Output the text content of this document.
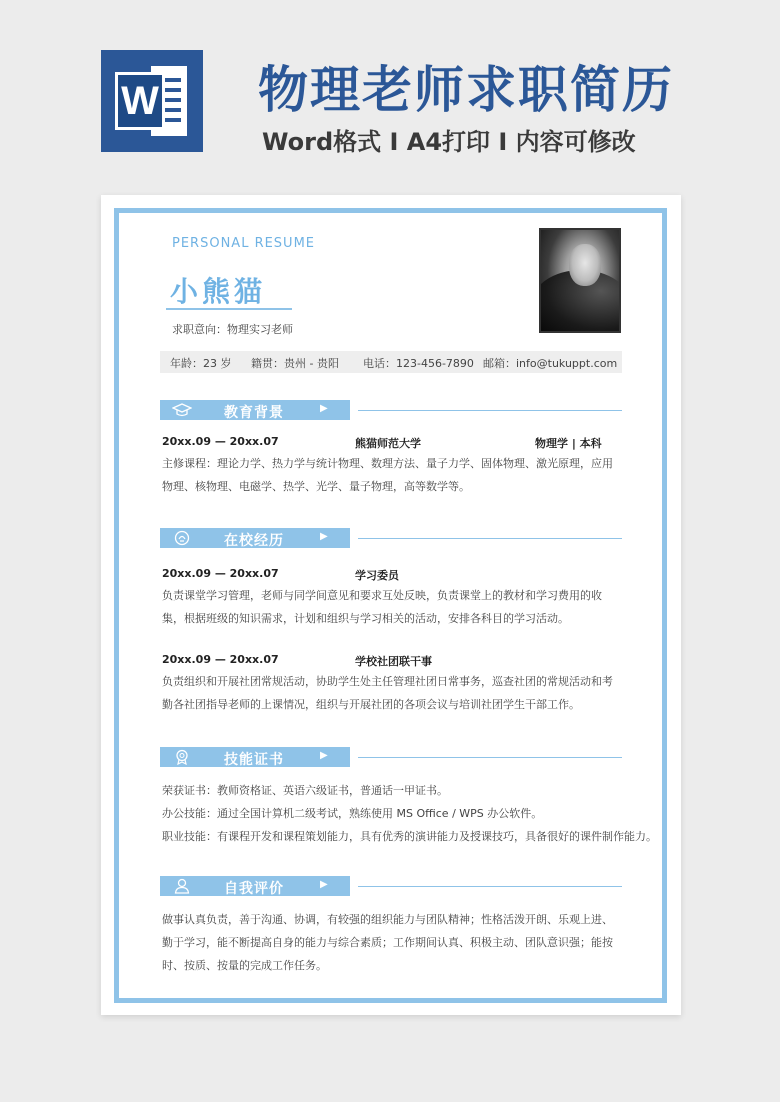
W 物理老师求职简历
Word格式 I A4打印 I 内容可修改
PERSONAL RESUME
小熊猫
求职意向：物理实习老师
年龄：23 岁 籍贯：贵州 - 贵阳 电话：123-456-7890 邮箱：info@tukuppt.com
教育背景	▶
20xx.09 — 20xx.07	熊猫师范大学	物理学 | 本科
主修课程：理论力学、热力学与统计物理、数理方法、量子力学、固体物理、激光原理，应用物理、核物理、电磁学、热学、光学、量子物理，高等数学等。
在校经历	▶
20xx.09 — 20xx.07	学习委员
负责课堂学习管理，老师与同学间意见和要求互处反映，负责课堂上的教材和学习费用的收集，根据班级的知识需求，计划和组织与学习相关的活动，安排各科目的学习活动。
20xx.09 — 20xx.07	学校社团联干事
负责组织和开展社团常规活动，协助学生处主任管理社团日常事务，巡查社团的常规活动和考勤各社团指导老师的上课情况，组织与开展社团的各项会议与培训社团学生干部工作。
技能证书	▶
荣获证书：教师资格证、英语六级证书，普通话一甲证书。
办公技能：通过全国计算机二级考试，熟练使用 MS Office / WPS 办公软件。
职业技能：有课程开发和课程策划能力，具有优秀的演讲能力及授课技巧，具备很好的课件制作能力。
自我评价	▶
做事认真负责，善于沟通、协调，有较强的组织能力与团队精神；性格活泼开朗、乐观上进、勤于学习，能不断提高自身的能力与综合素质；工作期间认真、积极主动、团队意识强；能按时、按质、按量的完成工作任务。
